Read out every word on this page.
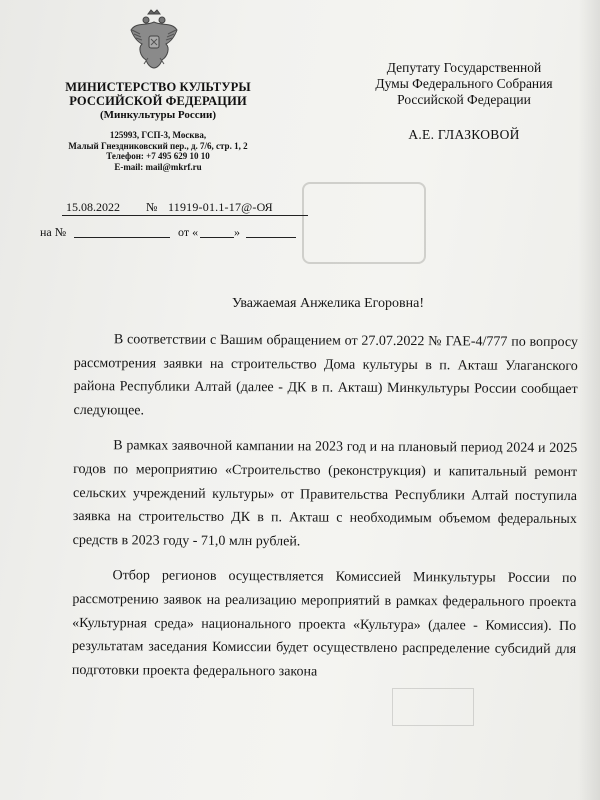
МИНИСТЕРСТВО КУЛЬТУРЫ
РОССИЙСКОЙ ФЕДЕРАЦИИ
(Минкультуры России)
125993, ГСП-3, Москва,
Малый Гнездниковский пер., д. 7/6, стр. 1, 2
Телефон: +7 495 629 10 10
E-mail: mail@mkrf.ru
Депутату Государственной
Думы Федерального Собрания
Российской Федерации
А.Е. ГЛАЗКОВОЙ
15.08.2022 № 11919-01.1-17@-ОЯ
на №	от «	»
Уважаемая Анжелика Егоровна!

В соответствии с Вашим обращением от 27.07.2022 № ГАЕ-4/777 по вопросу рассмотрения заявки на строительство Дома культуры в п. Акташ Улаганского района Республики Алтай (далее - ДК в п. Акташ) Минкультуры России сообщает следующее.

В рамках заявочной кампании на 2023 год и на плановый период 2024 и 2025 годов по мероприятию «Строительство (реконструкция) и капитальный ремонт сельских учреждений культуры» от Правительства Республики Алтай поступила заявка на строительство ДК в п. Акташ с необходимым объемом федеральных средств в 2023 году - 71,0 млн рублей.

Отбор регионов осуществляется Комиссией Минкультуры России по рассмотрению заявок на реализацию мероприятий в рамках федерального проекта «Культурная среда» национального проекта «Культура» (далее - Комиссия). По результатам заседания Комиссии будет осуществлено распределение субсидий для подготовки проекта федерального закона
